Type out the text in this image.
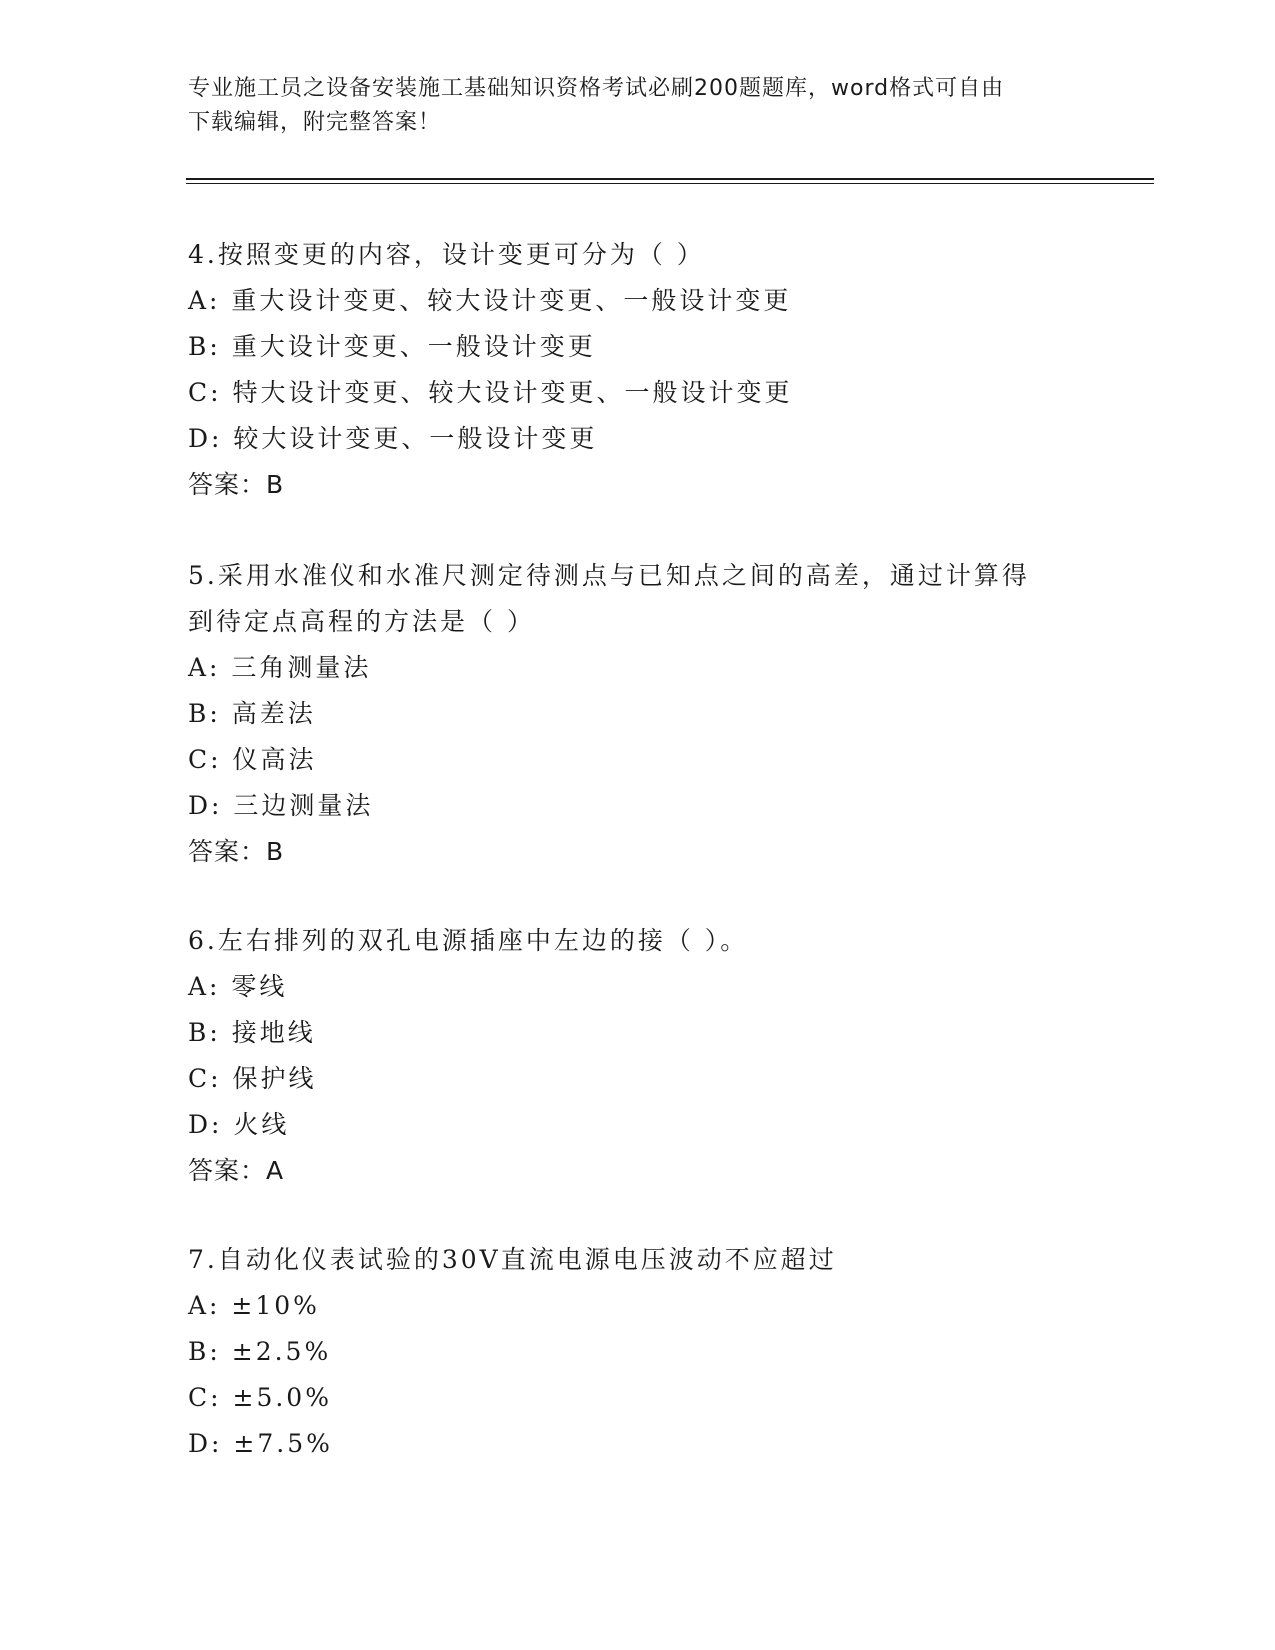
专业施工员之设备安装施工基础知识资格考试必刷200题题库，word格式可自由
下载编辑，附完整答案！
4.按照变更的内容，设计变更可分为（ ）
A: 重大设计变更、较大设计变更、一般设计变更
B: 重大设计变更、一般设计变更
C: 特大设计变更、较大设计变更、一般设计变更
D: 较大设计变更、一般设计变更
答案：B
5.采用水准仪和水准尺测定待测点与已知点之间的高差，通过计算得
到待定点高程的方法是（ ）
A: 三角测量法
B: 高差法
C: 仪高法
D: 三边测量法
答案：B
6.左右排列的双孔电源插座中左边的接（ ）。
A: 零线
B: 接地线
C: 保护线
D: 火线
答案：A
7.自动化仪表试验的30V直流电源电压波动不应超过
A: ±10%
B: ±2.5%
C: ±5.0%
D: ±7.5%
